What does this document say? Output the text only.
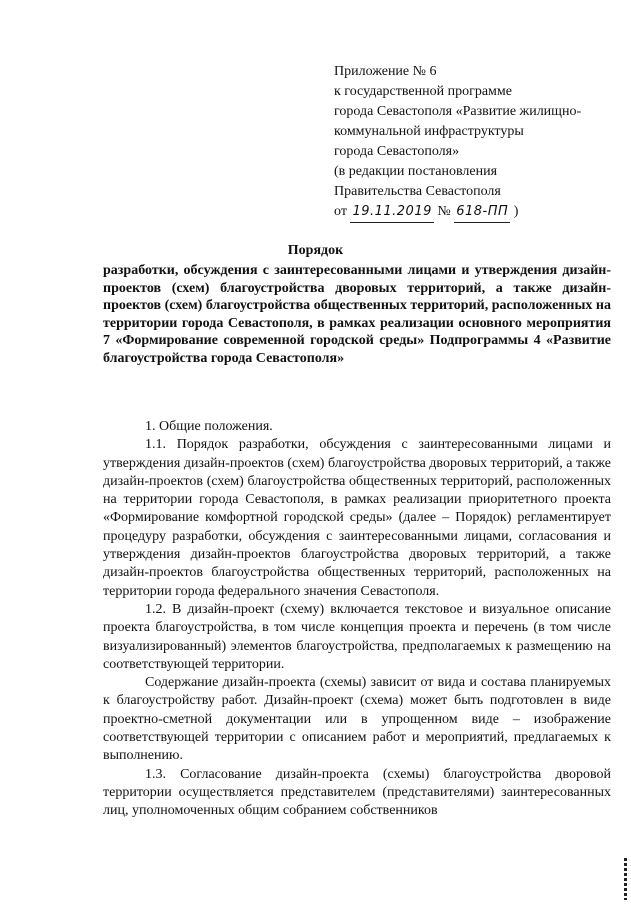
Приложение № 6
к государственной программе
города Севастополя «Развитие жилищно-
коммунальной инфраструктуры
города Севастополя»
(в редакции постановления
Правительства Севастополя
от 19.11.2019 № 618-ПП )
Порядок
разработки, обсуждения с заинтересованными лицами и утверждения дизайн-проектов (схем) благоустройства дворовых территорий, а также дизайн-проектов (схем) благоустройства общественных территорий, расположенных на территории города Севастополя, в рамках реализации основного мероприятия 7 «Формирование современной городской среды» Подпрограммы 4 «Развитие благоустройства города Севастополя»

1. Общие положения.

1.1. Порядок разработки, обсуждения с заинтересованными лицами и утверждения дизайн-проектов (схем) благоустройства дворовых территорий, а также дизайн-проектов (схем) благоустройства общественных территорий, расположенных на территории города Севастополя, в рамках реализации приоритетного проекта «Формирование комфортной городской среды» (далее – Порядок) регламентирует процедуру разработки, обсуждения с заинтересованными лицами, согласования и утверждения дизайн-проектов благоустройства дворовых территорий, а также дизайн-проектов благоустройства общественных территорий, расположенных на территории города федерального значения Севастополя.

1.2. В дизайн-проект (схему) включается текстовое и визуальное описание проекта благоустройства, в том числе концепция проекта и перечень (в том числе визуализированный) элементов благоустройства, предполагаемых к размещению на соответствующей территории.

Содержание дизайн-проекта (схемы) зависит от вида и состава планируемых к благоустройству работ. Дизайн-проект (схема) может быть подготовлен в виде проектно-сметной документации или в упрощенном виде – изображение соответствующей территории с описанием работ и мероприятий, предлагаемых к выполнению.

1.3. Согласование дизайн-проекта (схемы) благоустройства дворовой территории осуществляется представителем (представителями) заинтересованных лиц, уполномоченных общим собранием собственников
